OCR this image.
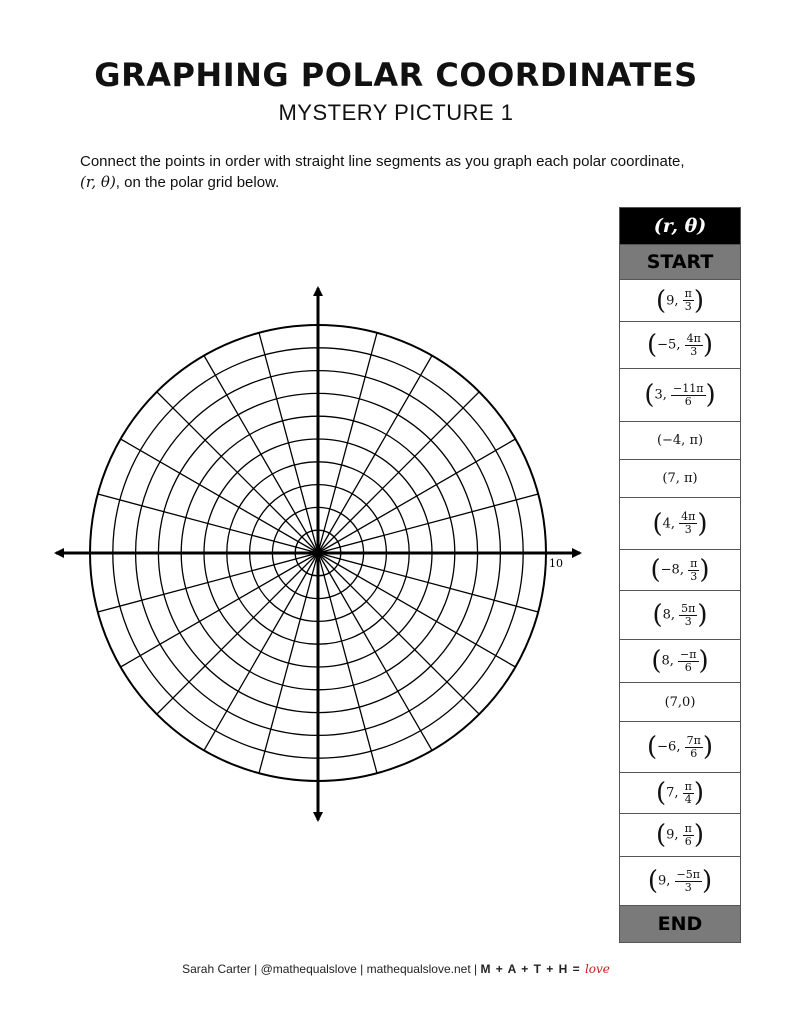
GRAPHING POLAR COORDINATES
MYSTERY PICTURE 1
Connect the points in order with straight line segments as you graph each polar coordinate, (r, θ), on the polar grid below.
10
(r, θ)
START
(9, $\frac{\pi}{3}$ )
(−5, $\frac{4\pi}{3}$ )
(3, $\frac{-11\pi}{6}$ )
(−4, π)
(7, π)
(4, $\frac{4\pi}{3}$ )
(−8, $\frac{\pi}{3}$ )
(8, $\frac{5\pi}{3}$ )
(8, $\frac{-\pi}{6}$ )
(7,0)
(−6, $\frac{7\pi}{6}$ )
(7, $\frac{\pi}{4}$ )
(9, $\frac{\pi}{6}$ )
(9, $\frac{-5\pi}{3}$ )
END
Sarah Carter | @mathequalslove | mathequalslove.net | M + A + T + H = love
